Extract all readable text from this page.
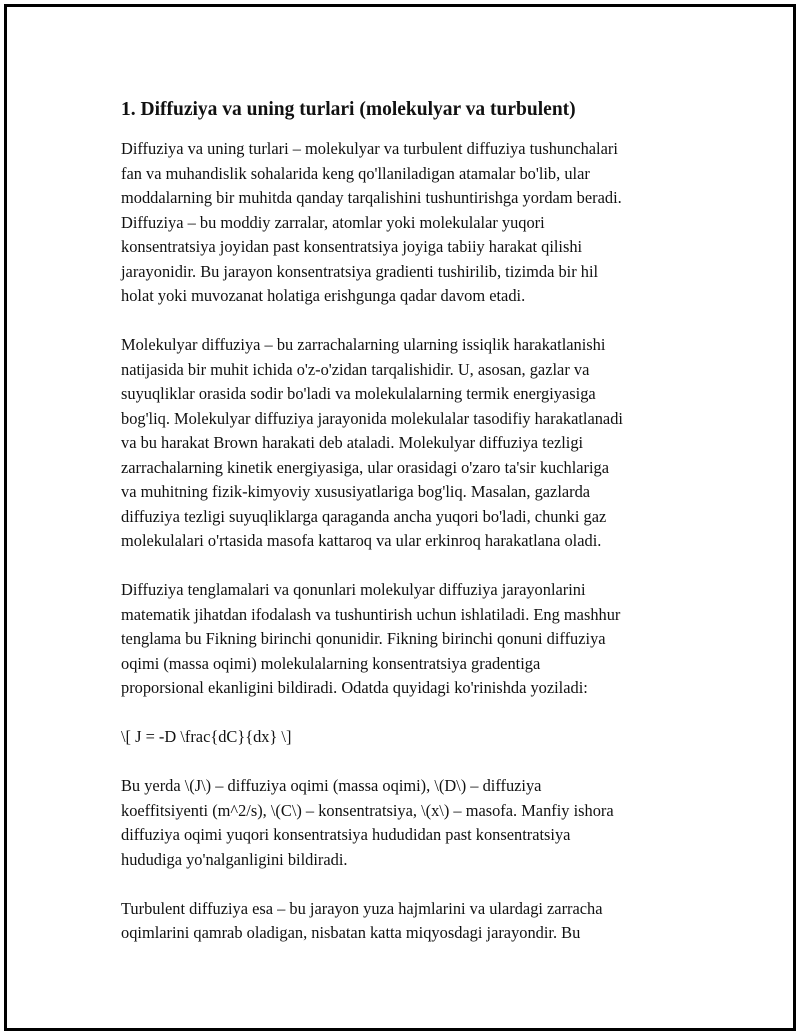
1. Diffuziya va uning turlari (molekulyar va turbulent)

Diffuziya va uning turlari – molekulyar va turbulent diffuziya tushunchalari
fan va muhandislik sohalarida keng qo'llaniladigan atamalar bo'lib, ular
moddalarning bir muhitda qanday tarqalishini tushuntirishga yordam beradi.
Diffuziya – bu moddiy zarralar, atomlar yoki molekulalar yuqori
konsentratsiya joyidan past konsentratsiya joyiga tabiiy harakat qilishi
jarayonidir. Bu jarayon konsentratsiya gradienti tushirilib, tizimda bir hil
holat yoki muvozanat holatiga erishgunga qadar davom etadi.

Molekulyar diffuziya – bu zarrachalarning ularning issiqlik harakatlanishi
natijasida bir muhit ichida o'z-o'zidan tarqalishidir. U, asosan, gazlar va
suyuqliklar orasida sodir bo'ladi va molekulalarning termik energiyasiga
bog'liq. Molekulyar diffuziya jarayonida molekulalar tasodifiy harakatlanadi
va bu harakat Brown harakati deb ataladi. Molekulyar diffuziya tezligi
zarrachalarning kinetik energiyasiga, ular orasidagi o'zaro ta'sir kuchlariga
va muhitning fizik-kimyoviy xususiyatlariga bog'liq. Masalan, gazlarda
diffuziya tezligi suyuqliklarga qaraganda ancha yuqori bo'ladi, chunki gaz
molekulalari o'rtasida masofa kattaroq va ular erkinroq harakatlana oladi.

Diffuziya tenglamalari va qonunlari molekulyar diffuziya jarayonlarini
matematik jihatdan ifodalash va tushuntirish uchun ishlatiladi. Eng mashhur
tenglama bu Fikning birinchi qonunidir. Fikning birinchi qonuni diffuziya
oqimi (massa oqimi) molekulalarning konsentratsiya gradentiga
proporsional ekanligini bildiradi. Odatda quyidagi ko'rinishda yoziladi:

\[ J = -D \frac{dC}{dx} \]

Bu yerda \(J\) – diffuziya oqimi (massa oqimi), \(D\) – diffuziya
koeffitsiyenti (m^2/s), \(C\) – konsentratsiya, \(x\) – masofa. Manfiy ishora
diffuziya oqimi yuqori konsentratsiya hududidan past konsentratsiya
hududiga yo'nalganligini bildiradi.

Turbulent diffuziya esa – bu jarayon yuza hajmlarini va ulardagi zarracha
oqimlarini qamrab oladigan, nisbatan katta miqyosdagi jarayondir. Bu
